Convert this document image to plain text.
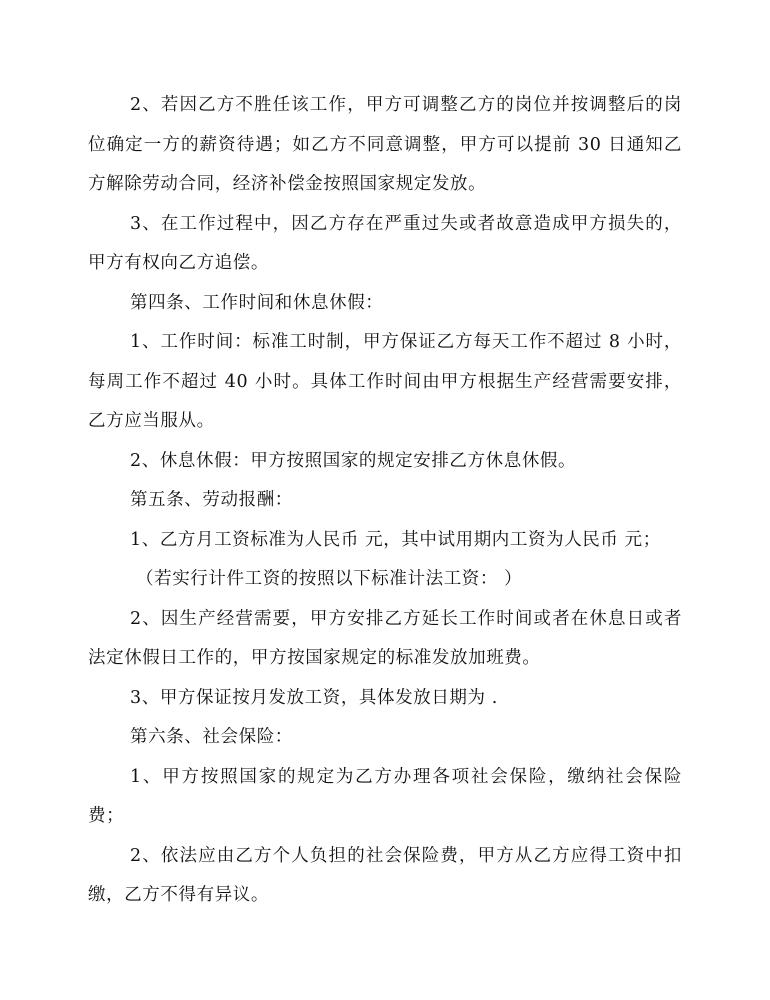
2、若因乙方不胜任该工作，甲方可调整乙方的岗位并按调整后的岗位确定一方的薪资待遇；如乙方不同意调整，甲方可以提前 30 日通知乙方解除劳动合同，经济补偿金按照国家规定发放。

3、在工作过程中，因乙方存在严重过失或者故意造成甲方损失的，甲方有权向乙方追偿。

第四条、工作时间和休息休假：

1、工作时间：标准工时制，甲方保证乙方每天工作不超过 8 小时，每周工作不超过 40 小时。具体工作时间由甲方根据生产经营需要安排，乙方应当服从。

2、休息休假：甲方按照国家的规定安排乙方休息休假。

第五条、劳动报酬：

1、乙方月工资标准为人民币 元，其中试用期内工资为人民币 元；

（若实行计件工资的按照以下标准计法工资： ）

2、因生产经营需要，甲方安排乙方延长工作时间或者在休息日或者法定休假日工作的，甲方按国家规定的标准发放加班费。

3、甲方保证按月发放工资，具体发放日期为 .

第六条、社会保险：

1、甲方按照国家的规定为乙方办理各项社会保险，缴纳社会保险费；

2、依法应由乙方个人负担的社会保险费，甲方从乙方应得工资中扣缴，乙方不得有异议。
